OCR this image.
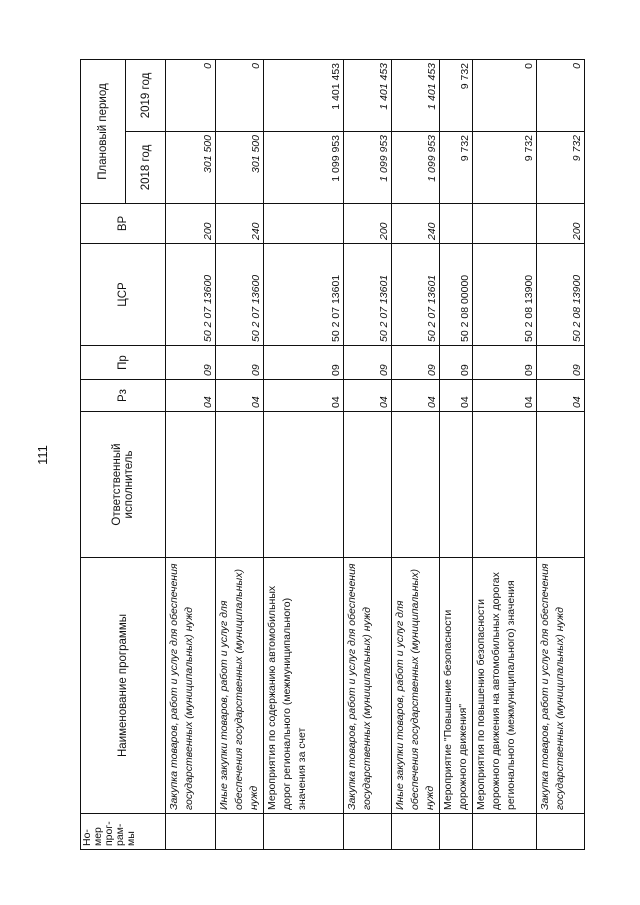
111
Но-
мер
прог-
рам-
мы	Наименование программы	Ответственный исполнитель	Рз	Пр	ЦСР	ВР	Плановый период	
							2018 год	2019 год
	Закупка товаров, работ и услуг для обеспечения государственных (муниципальных) нужд		04	09	50 2 07 13600	200	301 500	0
	Иные закупки товаров, работ и услуг для обеспечения государственных (муниципальных) нужд		04	09	50 2 07 13600	240	301 500	0
	Мероприятия по содержанию автомобильных дорог регионального (межмуниципального) значения за счет		04	09	50 2 07 13601		1 099 953	1 401 453
	Закупка товаров, работ и услуг для обеспечения государственных (муниципальных) нужд		04	09	50 2 07 13601	200	1 099 953	1 401 453
	Иные закупки товаров, работ и услуг для обеспечения государственных (муниципальных) нужд		04	09	50 2 07 13601	240	1 099 953	1 401 453
	Мероприятие "Повышение безопасности дорожного движения"		04	09	50 2 08 00000		9 732	9 732
	Мероприятия по повышению безопасности дорожного движения на автомобильных дорогах регионального (межмуниципального) значения		04	09	50 2 08 13900		9 732	0
	Закупка товаров, работ и услуг для обеспечения государственных (муниципальных) нужд		04	09	50 2 08 13900	200	9 732	0
